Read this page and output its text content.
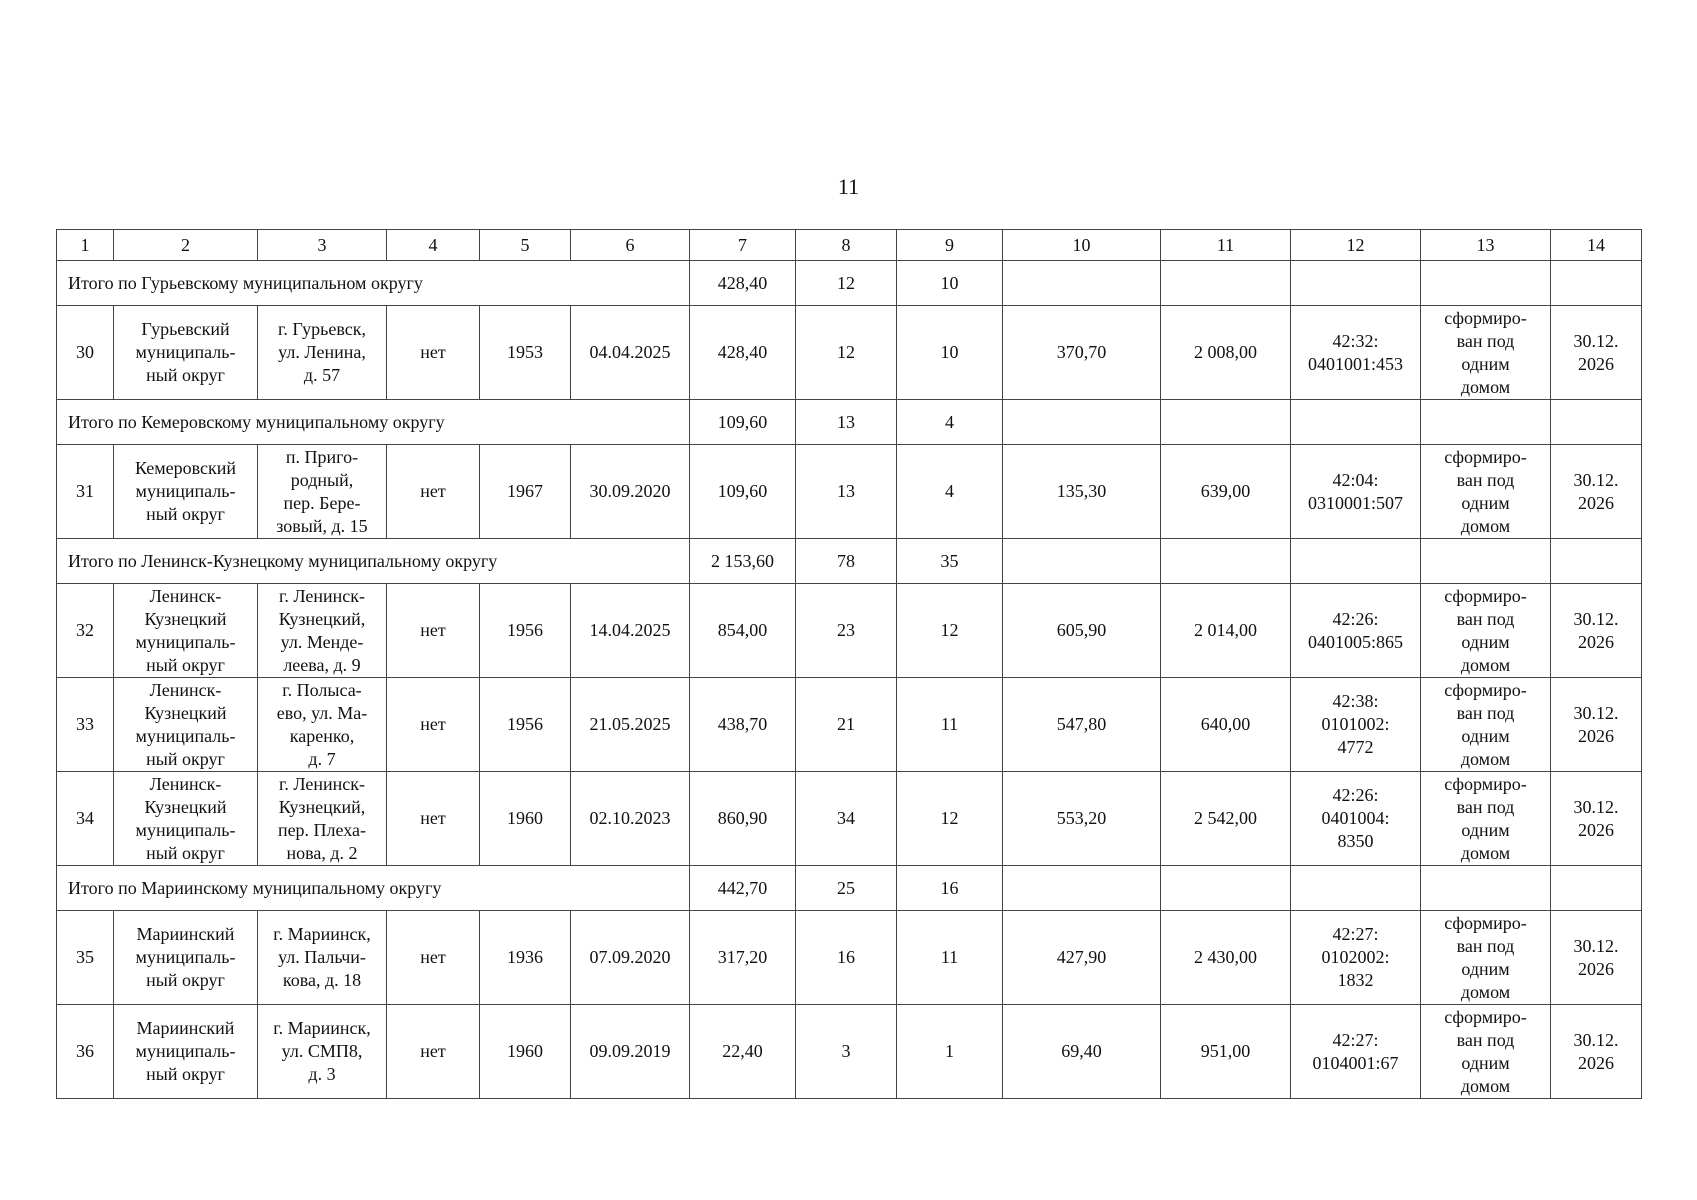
11
1	2	3	4	5	6	7	8	9	10	11	12	13	14
Итого по Гурьевскому муниципальном округу						428,40	12	10					
30	Гурьевский
муниципаль-
ный округ	г. Гурьевск,
ул. Ленина,
д. 57	нет	1953	04.04.2025	428,40	12	10	370,70	2 008,00	42:32:
0401001:453	сформиро-
ван под
одним
домом	30.12.
2026
Итого по Кемеровскому муниципальному округу						109,60	13	4					
31	Кемеровский
муниципаль-
ный округ	п. Приго-
родный,
пер. Бере-
зовый, д. 15	нет	1967	30.09.2020	109,60	13	4	135,30	639,00	42:04:
0310001:507	сформиро-
ван под
одним
домом	30.12.
2026
Итого по Ленинск-Кузнецкому муниципальному округу						2 153,60	78	35					
32	Ленинск-
Кузнецкий
муниципаль-
ный округ	г. Ленинск-
Кузнецкий,
ул. Менде-
леева, д. 9	нет	1956	14.04.2025	854,00	23	12	605,90	2 014,00	42:26:
0401005:865	сформиро-
ван под
одним
домом	30.12.
2026
33	Ленинск-
Кузнецкий
муниципаль-
ный округ	г. Полыса-
ево, ул. Ма-
каренко,
д. 7	нет	1956	21.05.2025	438,70	21	11	547,80	640,00	42:38:
0101002:
4772	сформиро-
ван под
одним
домом	30.12.
2026
34	Ленинск-
Кузнецкий
муниципаль-
ный округ	г. Ленинск-
Кузнецкий,
пер. Плеха-
нова, д. 2	нет	1960	02.10.2023	860,90	34	12	553,20	2 542,00	42:26:
0401004:
8350	сформиро-
ван под
одним
домом	30.12.
2026
Итого по Мариинскому муниципальному округу						442,70	25	16					
35	Мариинский
муниципаль-
ный округ	г. Мариинск,
ул. Пальчи-
кова, д. 18	нет	1936	07.09.2020	317,20	16	11	427,90	2 430,00	42:27:
0102002:
1832	сформиро-
ван под
одним
домом	30.12.
2026
36	Мариинский
муниципаль-
ный округ	г. Мариинск,
ул. СМП8,
д. 3	нет	1960	09.09.2019	22,40	3	1	69,40	951,00	42:27:
0104001:67	сформиро-
ван под
одним
домом	30.12.
2026
